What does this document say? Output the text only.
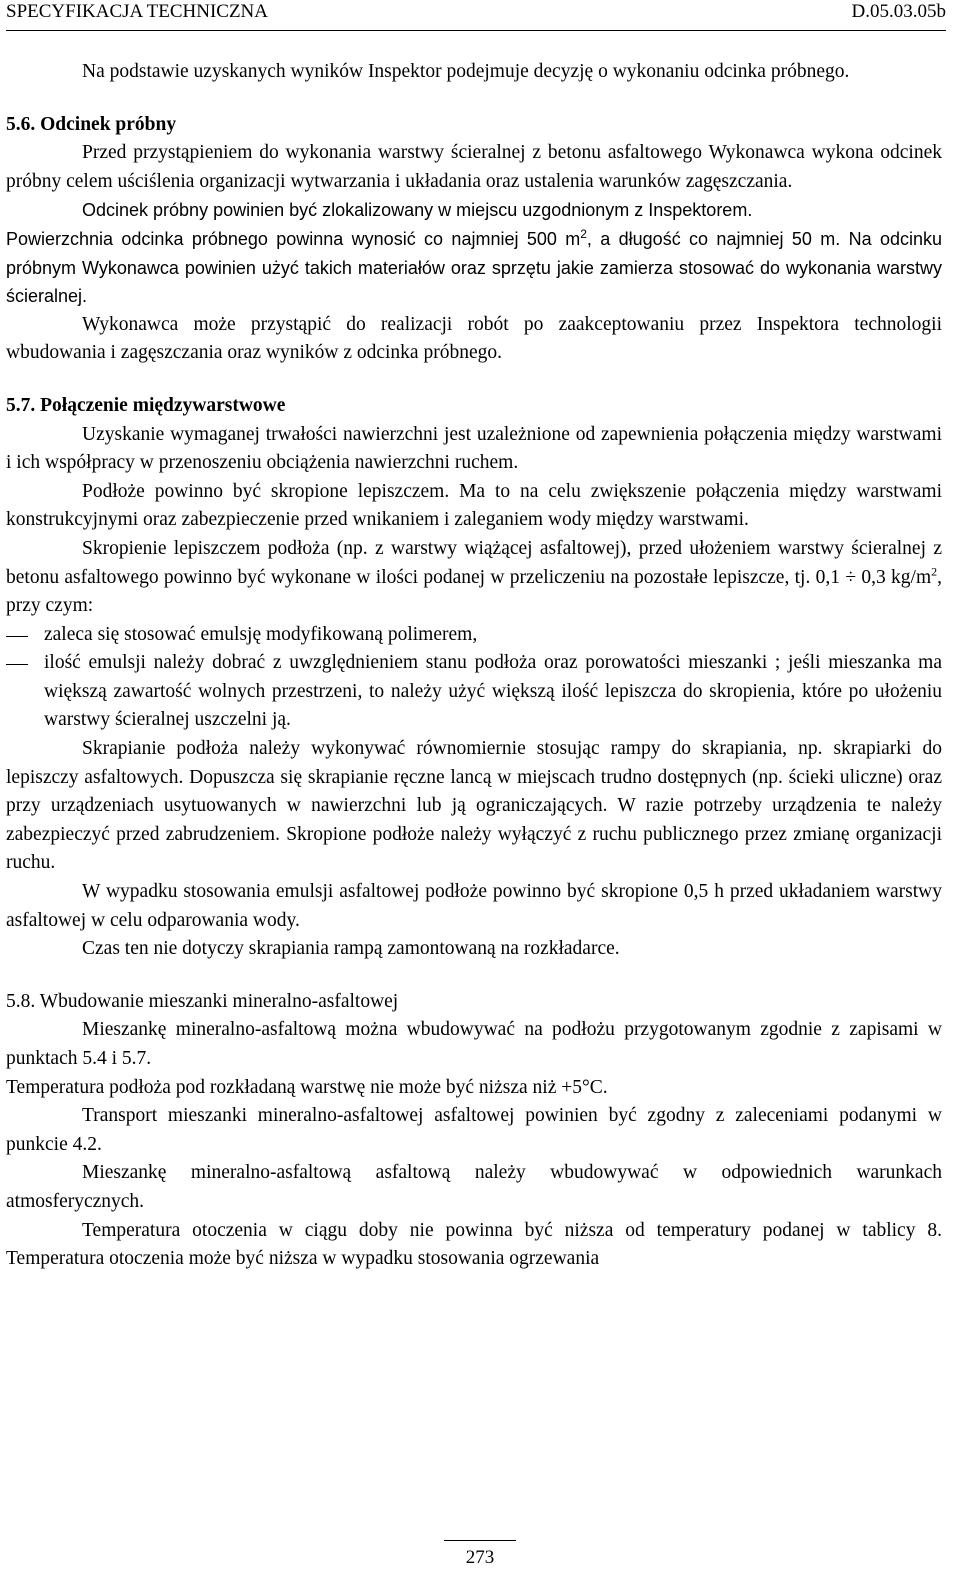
SPECYFIKACJA TECHNICZNA	D.05.03.05b

Na podstawie uzyskanych wyników Inspektor podejmuje decyzję o wykonaniu odcinka próbnego.

5.6. Odcinek próbny

Przed przystąpieniem do wykonania warstwy ścieralnej z betonu asfaltowego Wykonawca wykona odcinek próbny celem uściślenia organizacji wytwarzania i układania oraz ustalenia warunków zagęszczania.

Odcinek próbny powinien być zlokalizowany w miejscu uzgodnionym z Inspektorem.

Powierzchnia odcinka próbnego powinna wynosić co najmniej 500 $m^2$, a długość co najmniej 50 m. Na odcinku próbnym Wykonawca powinien użyć takich materiałów oraz sprzętu jakie zamierza stosować do wykonania warstwy ścieralnej.

Wykonawca może przystąpić do realizacji robót po zaakceptowaniu przez Inspektora technologii wbudowania i zagęszczania oraz wyników z odcinka próbnego.

5.7. Połączenie międzywarstwowe

Uzyskanie wymaganej trwałości nawierzchni jest uzależnione od zapewnienia połączenia między warstwami i ich współpracy w przenoszeniu obciążenia nawierzchni ruchem.

Podłoże powinno być skropione lepiszczem. Ma to na celu zwiększenie połączenia między warstwami konstrukcyjnymi oraz zabezpieczenie przed wnikaniem i zaleganiem wody między warstwami.

Skropienie lepiszczem podłoża (np. z warstwy wiążącej asfaltowej), przed ułożeniem warstwy ścieralnej z betonu asfaltowego powinno być wykonane w ilości podanej w przeliczeniu na pozostałe lepiszcze, tj. 0,1 ÷ 0,3 $kg/m^2$, przy czym:

zaleca się stosować emulsję modyfikowaną polimerem,
ilość emulsji należy dobrać z uwzględnieniem stanu podłoża oraz porowatości mieszanki ; jeśli mieszanka ma większą zawartość wolnych przestrzeni, to należy użyć większą ilość lepiszcza do skropienia, które po ułożeniu warstwy ścieralnej uszczelni ją.

Skrapianie podłoża należy wykonywać równomiernie stosując rampy do skrapiania, np. skrapiarki do lepiszczy asfaltowych. Dopuszcza się skrapianie ręczne lancą w miejscach trudno dostępnych (np. ścieki uliczne) oraz przy urządzeniach usytuowanych w nawierzchni lub ją ograniczających. W razie potrzeby urządzenia te należy zabezpieczyć przed zabrudzeniem. Skropione podłoże należy wyłączyć z ruchu publicznego przez zmianę organizacji ruchu.

W wypadku stosowania emulsji asfaltowej podłoże powinno być skropione 0,5 h przed układaniem warstwy asfaltowej w celu odparowania wody.

Czas ten nie dotyczy skrapiania rampą zamontowaną na rozkładarce.

5.8. Wbudowanie mieszanki mineralno-asfaltowej

Mieszankę mineralno-asfaltową można wbudowywać na podłożu przygotowanym zgodnie z zapisami w punktach 5.4 i 5.7.

Temperatura podłoża pod rozkładaną warstwę nie może być niższa niż +5°C.

Transport mieszanki mineralno-asfaltowej asfaltowej powinien być zgodny z zaleceniami podanymi w punkcie 4.2.

Mieszankę mineralno-asfaltową asfaltową należy wbudowywać w odpowiednich warunkach atmosferycznych.

Temperatura otoczenia w ciągu doby nie powinna być niższa od temperatury podanej w tablicy 8. Temperatura otoczenia może być niższa w wypadku stosowania ogrzewania

273
